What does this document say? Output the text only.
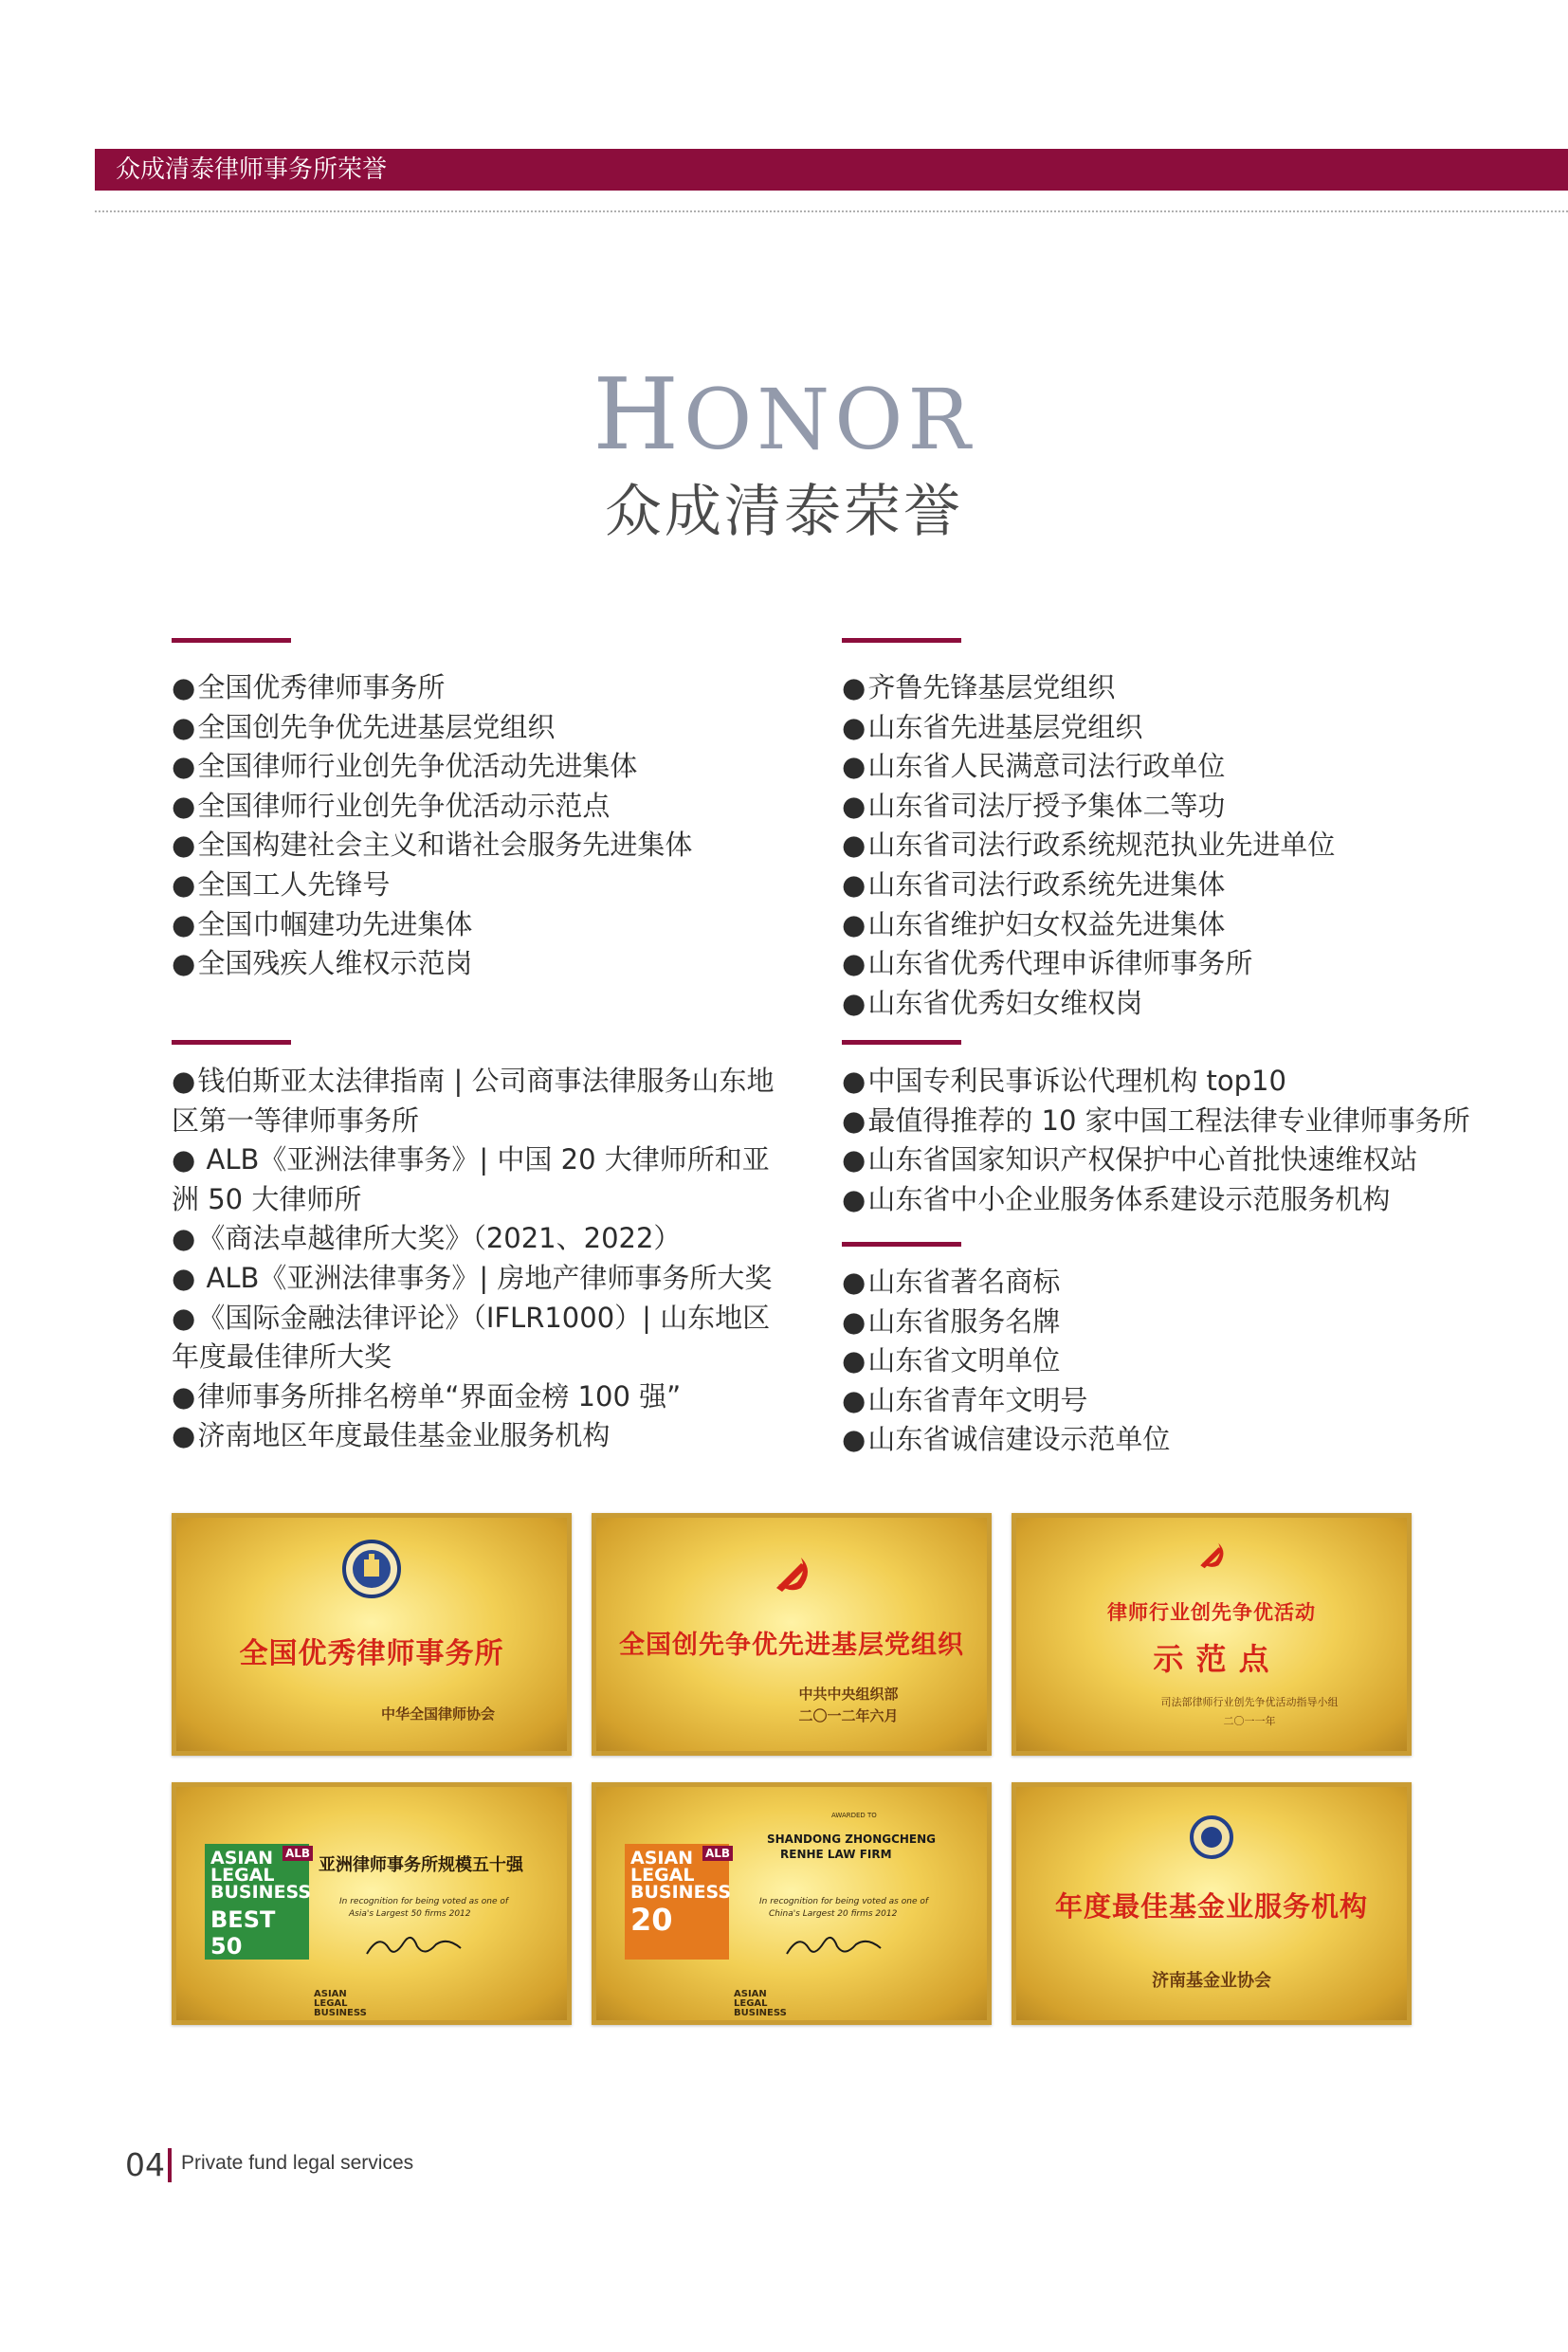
众成清泰律师事务所荣誉
HONOR
众成清泰荣誉
● 全国优秀律师事务所
● 全国创先争优先进基层党组织
● 全国律师行业创先争优活动先进集体
● 全国律师行业创先争优活动示范点
● 全国构建社会主义和谐社会服务先进集体
● 全国工人先锋号
● 全国巾帼建功先进集体
● 全国残疾人维权示范岗
● 齐鲁先锋基层党组织
● 山东省先进基层党组织
● 山东省人民满意司法行政单位
● 山东省司法厅授予集体二等功
● 山东省司法行政系统规范执业先进单位
● 山东省司法行政系统先进集体
● 山东省维护妇女权益先进集体
● 山东省优秀代理申诉律师事务所
● 山东省优秀妇女维权岗
● 钱伯斯亚太法律指南 | 公司商事法律服务山东地区第一等律师事务所
● ALB《亚洲法律事务》| 中国 20 大律师所和亚洲 50 大律师所
● 《商法卓越律所大奖》（2021、2022）
● ALB《亚洲法律事务》| 房地产律师事务所大奖
● 《国际金融法律评论》（IFLR1000）| 山东地区年度最佳律所大奖
● 律师事务所排名榜单“界面金榜 100 强”
● 济南地区年度最佳基金业服务机构
● 中国专利民事诉讼代理机构 top10
● 最值得推荐的 10 家中国工程法律专业律师事务所
● 山东省国家知识产权保护中心首批快速维权站
● 山东省中小企业服务体系建设示范服务机构
● 山东省著名商标
● 山东省服务名牌
● 山东省文明单位
● 山东省青年文明号
● 山东省诚信建设示范单位
全国优秀律师事务所
中华全国律师协会
全国创先争优先进基层党组织
中共中央组织部
二〇一二年六月
律师行业创先争优活动
示 范 点
司法部律师行业创先争优活动指导小组
二〇一一年
ASIAN
LEGAL
BUSINESS
BEST 50
ALB
亚洲律师事务所规模五十强
In recognition for being voted as one of
Asia's Largest 50 firms 2012
ASIAN
LEGAL
BUSINESS
ASIAN
LEGAL
BUSINESS
20
ALB
AWARDED TO
SHANDONG ZHONGCHENG
RENHE LAW FIRM
In recognition for being voted as one of
China's Largest 20 firms 2012
ASIAN
LEGAL
BUSINESS
年度最佳基金业服务机构
济南基金业协会
04 Private fund legal services
